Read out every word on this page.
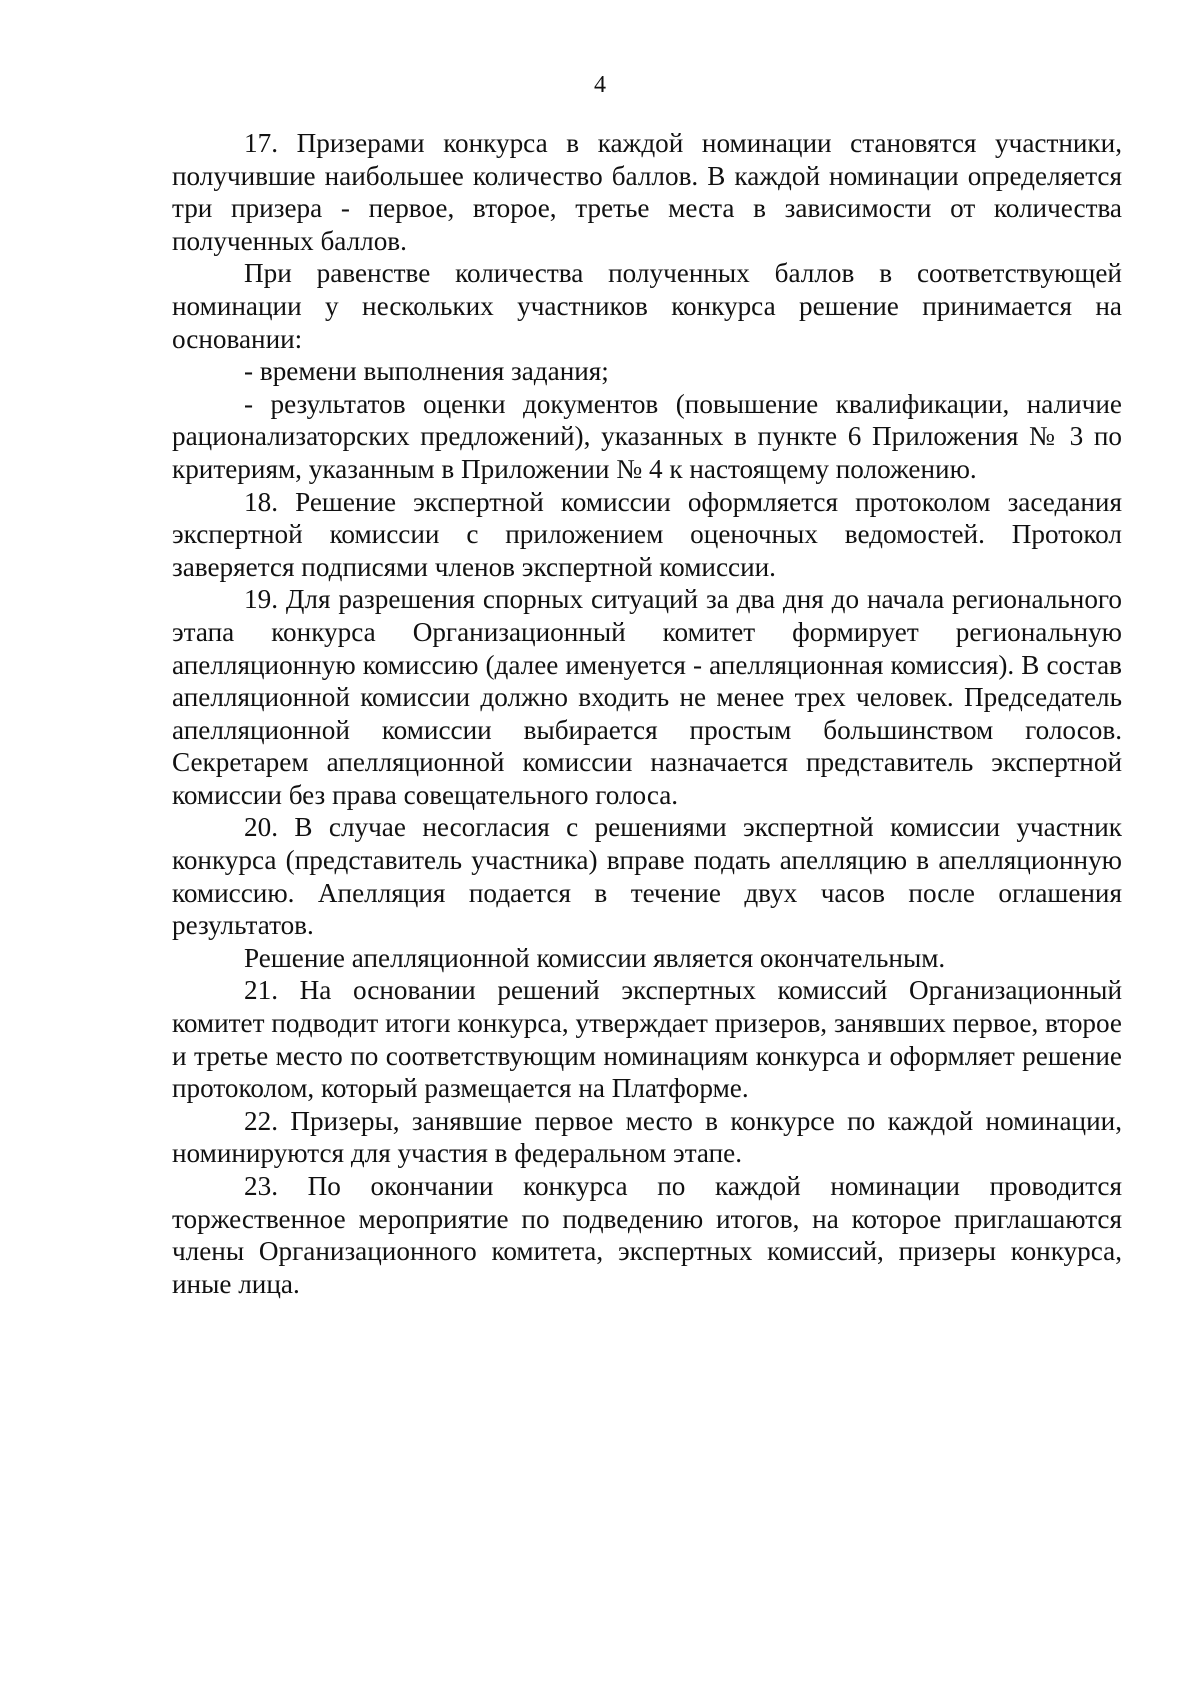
4

17. Призерами конкурса в каждой номинации становятся участники, получившие наибольшее количество баллов. В каждой номинации определяется три призера - первое, второе, третье места в зависимости от количества полученных баллов.

При равенстве количества полученных баллов в соответствующей номинации у нескольких участников конкурса решение принимается на основании:

- времени выполнения задания;

- результатов оценки документов (повышение квалификации, наличие рационализаторских предложений), указанных в пункте 6 Приложения № 3 по критериям, указанным в Приложении № 4 к настоящему положению.

18. Решение экспертной комиссии оформляется протоколом заседания экспертной комиссии с приложением оценочных ведомостей. Протокол заверяется подписями членов экспертной комиссии.

19. Для разрешения спорных ситуаций за два дня до начала регионального этапа конкурса Организационный комитет формирует региональную апелляционную комиссию (далее именуется - апелляционная комиссия). В состав апелляционной комиссии должно входить не менее трех человек. Председатель апелляционной комиссии выбирается простым большинством голосов. Секретарем апелляционной комиссии назначается представитель экспертной комиссии без права совещательного голоса.

20. В случае несогласия с решениями экспертной комиссии участник конкурса (представитель участника) вправе подать апелляцию в апелляционную комиссию. Апелляция подается в течение двух часов после оглашения результатов.

Решение апелляционной комиссии является окончательным.

21. На основании решений экспертных комиссий Организационный комитет подводит итоги конкурса, утверждает призеров, занявших первое, второе и третье место по соответствующим номинациям конкурса и оформляет решение протоколом, который размещается на Платформе.

22. Призеры, занявшие первое место в конкурсе по каждой номинации, номинируются для участия в федеральном этапе.

23. По окончании конкурса по каждой номинации проводится торжественное мероприятие по подведению итогов, на которое приглашаются члены Организационного комитета, экспертных комиссий, призеры конкурса, иные лица.
